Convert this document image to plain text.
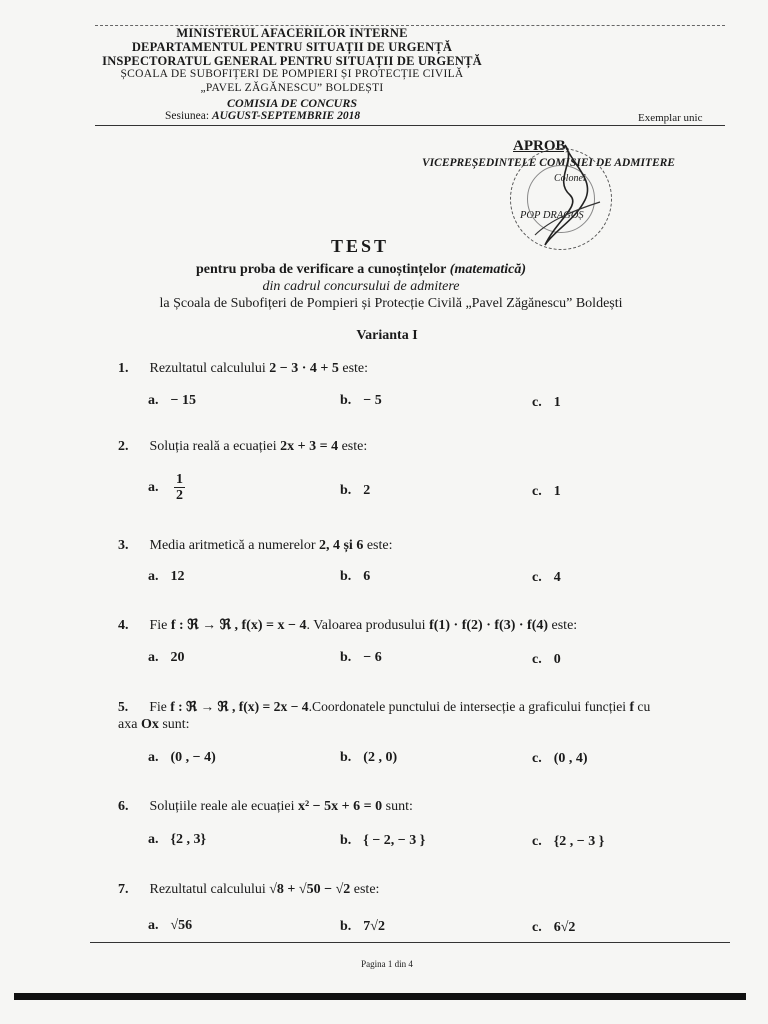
MINISTERUL AFACERILOR INTERNE
DEPARTAMENTUL PENTRU SITUAȚII DE URGENȚĂ
INSPECTORATUL GENERAL PENTRU SITUAȚII DE URGENȚĂ
ȘCOALA DE SUBOFIȚERI DE POMPIERI ȘI PROTECȚIE CIVILĂ
„PAVEL ZĂGĂNESCU” BOLDEȘTI
COMISIA DE CONCURS
Sesiunea: AUGUST-SEPTEMBRIE 2018	Exemplar unic
APROB,
VICEPREȘEDINTELE COMISIEI DE ADMITERE
Colonel
POP DRAGOȘ
TEST
pentru proba de verificare a cunoștințelor (matematică)
din cadrul concursului de admitere
la Școala de Subofițeri de Pompieri și Protecție Civilă „Pavel Zăgănescu” Boldești
Varianta I
1. Rezultatul calculului 2 − 3 · 4 + 5 este:
a. − 15	b. − 5	c. 1
2. Soluția reală a ecuației 2x + 3 = 4 este:
a. $\frac{1}{2}$	b. 2	c. 1
3. Media aritmetică a numerelor 2, 4 și 6 este:
a. 12	b. 6	c. 4
4. Fie f : ℜ → ℜ , f(x) = x − 4. Valoarea produsului f(1) · f(2) · f(3) · f(4) este:
a. 20	b. − 6	c. 0
5. Fie f : ℜ → ℜ , f(x) = 2x − 4.Coordonatele punctului de intersecție a graficului funcției f cu
axa Ox sunt:
a. (0 , − 4)	b. (2 , 0)	c. (0 , 4)
6. Soluțiile reale ale ecuației x² − 5x + 6 = 0 sunt:
a. {2 , 3}	b. { − 2, − 3 }	c. {2 , − 3 }
7. Rezultatul calculului √8 + √50 − √2 este:
a. √56	b. 7√2	c. 6√2
Pagina 1 din 4
